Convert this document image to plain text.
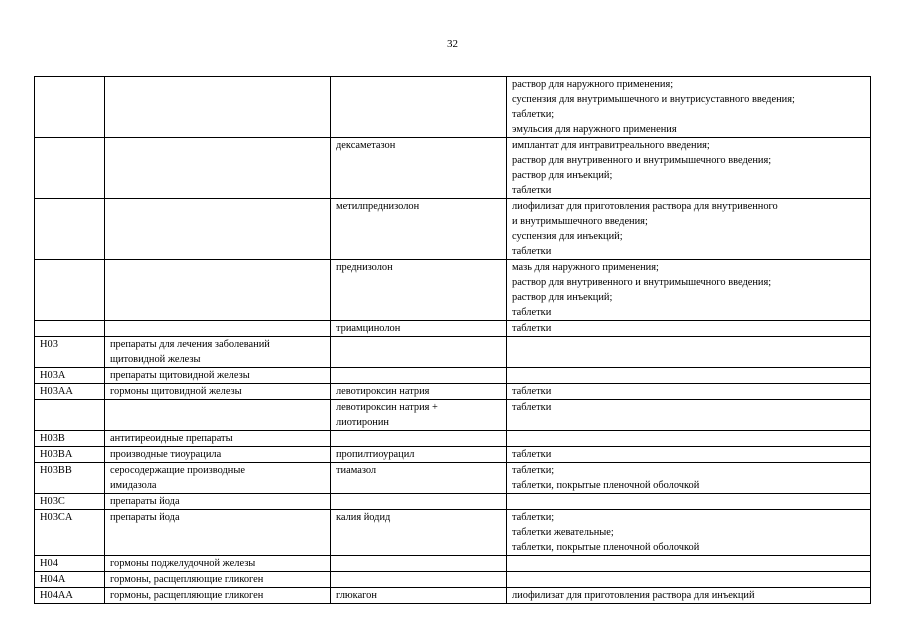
32

			раствор для наружного применения;
суспензия для внутримышечного и внутрисуставного введения;
таблетки;
эмульсия для наружного применения

		дексаметазон	имплантат для интравитреального введения;
раствор для внутривенного и внутримышечного введения;
раствор для инъекций;
таблетки

		метилпреднизолон	лиофилизат для приготовления раствора для внутривенного
и внутримышечного введения;
суспензия для инъекций;
таблетки

		преднизолон	мазь для наружного применения;
раствор для внутривенного и внутримышечного введения;
раствор для инъекций;
таблетки

		триамцинолон	таблетки

H03	препараты для лечения заболеваний
щитовидной железы		

H03A	препараты щитовидной железы		

H03AA	гормоны щитовидной железы	левотироксин натрия	таблетки

		левотироксин натрия +
лиотиронин	таблетки

H03B	антитиреоидные препараты		

H03BA	производные тиоурацила	пропилтиоурацил	таблетки

H03BB	серосодержащие производные
имидазола	тиамазол	таблетки;
таблетки, покрытые пленочной оболочкой

H03C	препараты йода		

H03CA	препараты йода	калия йодид	таблетки;
таблетки жевательные;
таблетки, покрытые пленочной оболочкой

H04	гормоны поджелудочной железы		

H04A	гормоны, расщепляющие гликоген		

H04AA	гормоны, расщепляющие гликоген	глюкагон	лиофилизат для приготовления раствора для инъекций
